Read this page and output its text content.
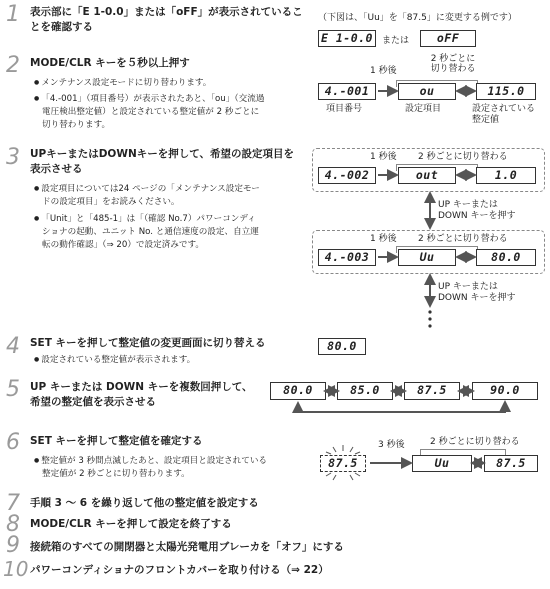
1 表示部に「E 1-0.0」または「oFF」が表示されているこ
とを確認する
2 MODE/CLR キーを５秒以上押す
● メンテナンス設定モードに切り替わります。
● 「4.-001」（項目番号）が表示されたあと、「ou」（交流過
電圧検出整定値）と設定されている整定値が 2 秒ごとに
切り替わります。
3 UPキーまたはDOWNキーを押して、希望の設定項目を
表示させる
● 設定項目については24 ページの「メンテナンス設定モー
ドの設定項目」をお読みください。
● 「Unit」と「485-1」は「（確認 No.7）パワーコンディ
ショナの起動、ユニット No. と通信速度の設定、自立運
転の動作確認」（⇒ 20）で設定済みです。
4 SET キーを押して整定値の変更画面に切り替える
● 設定されている整定値が表示されます。
5 UP キーまたは DOWN キーを複数回押して、
希望の整定値を表示させる
6 SET キーを押して整定値を確定する
● 整定値が 3 秒間点滅したあと、設定項目と設定されている
整定値が 2 秒ごとに切り替わります。
7 手順 3 ～ 6 を繰り返して他の整定値を設定する
8 MODE/CLR キーを押して設定を終了する
9 接続箱のすべての開閉器と太陽光発電用ブレーカを「オフ」にする
10 パワーコンディショナのフロントカバーを取り付ける（⇒ 22）
（下図は、「Uu」を「87.5」に変更する例です）
E 1-0.0	または	oFF
1 秒後
2 秒ごとに
切り替わる
4.-001	ou	115.0
項目番号	設定項目	設定されている
整定値
1 秒後 2 秒ごとに切り替わる
4.-002	out	1.0
UP キーまたは
DOWN キーを押す
1 秒後 2 秒ごとに切り替わる
4.-003	Uu	80.0
UP キーまたは
DOWN キーを押す
80.0
80.0	85.0	87.5	90.0
3 秒後	2 秒ごとに切り替わる
87.5	Uu	87.5
